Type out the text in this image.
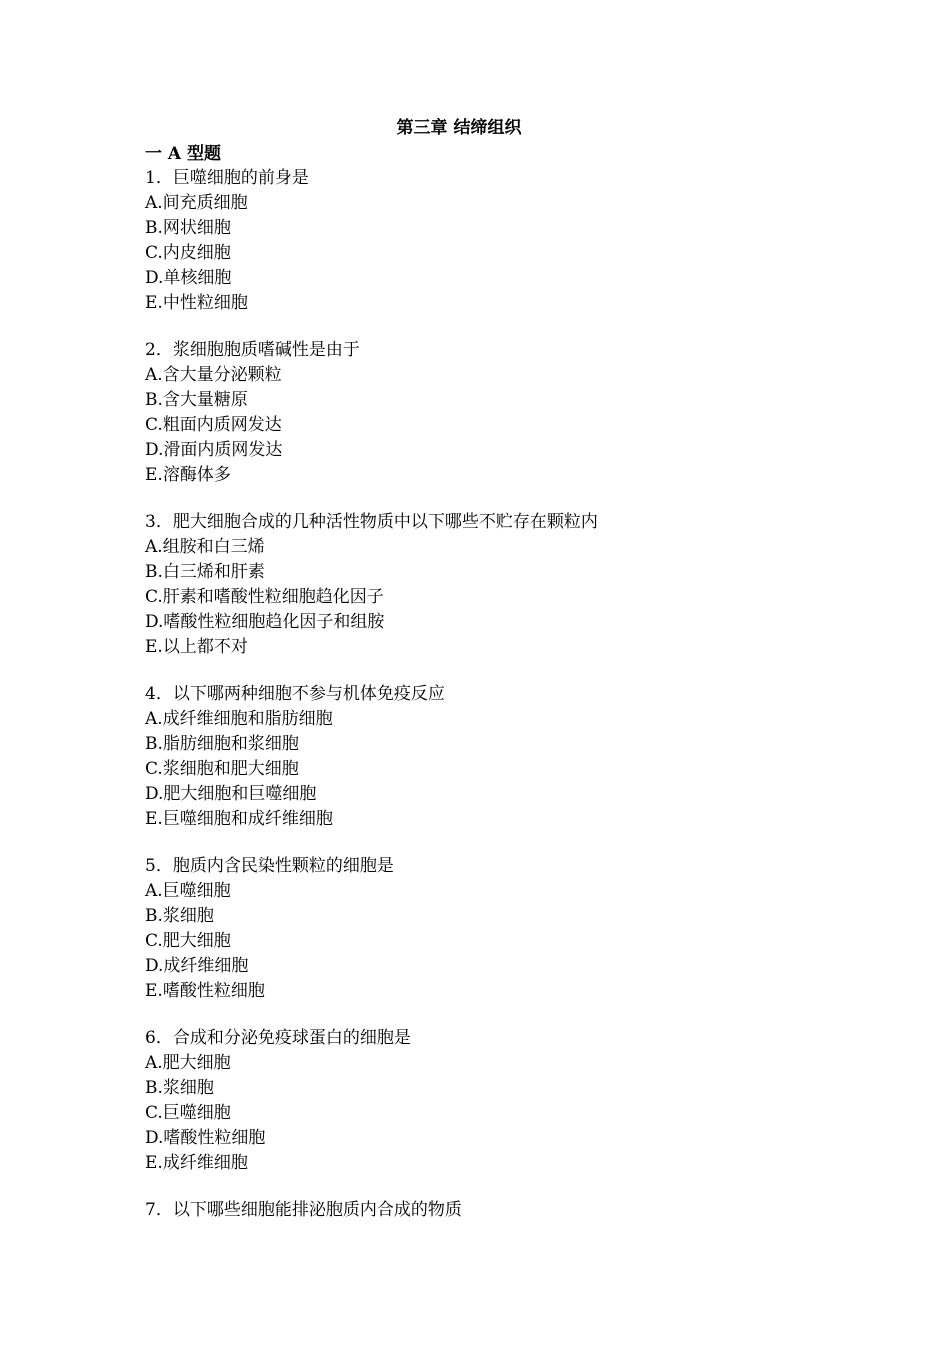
第三章 结缔组织
一 A 型题
1．巨噬细胞的前身是
A.间充质细胞
B.网状细胞
C.内皮细胞
D.单核细胞
E.中性粒细胞
2．浆细胞胞质嗜碱性是由于
A.含大量分泌颗粒
B.含大量糖原
C.粗面内质网发达
D.滑面内质网发达
E.溶酶体多
3．肥大细胞合成的几种活性物质中以下哪些不贮存在颗粒内
A.组胺和白三烯
B.白三烯和肝素
C.肝素和嗜酸性粒细胞趋化因子
D.嗜酸性粒细胞趋化因子和组胺
E.以上都不对
4．以下哪两种细胞不参与机体免疫反应
A.成纤维细胞和脂肪细胞
B.脂肪细胞和浆细胞
C.浆细胞和肥大细胞
D.肥大细胞和巨噬细胞
E.巨噬细胞和成纤维细胞
5．胞质内含民染性颗粒的细胞是
A.巨噬细胞
B.浆细胞
C.肥大细胞
D.成纤维细胞
E.嗜酸性粒细胞
6．合成和分泌免疫球蛋白的细胞是
A.肥大细胞
B.浆细胞
C.巨噬细胞
D.嗜酸性粒细胞
E.成纤维细胞
7．以下哪些细胞能排泌胞质内合成的物质
